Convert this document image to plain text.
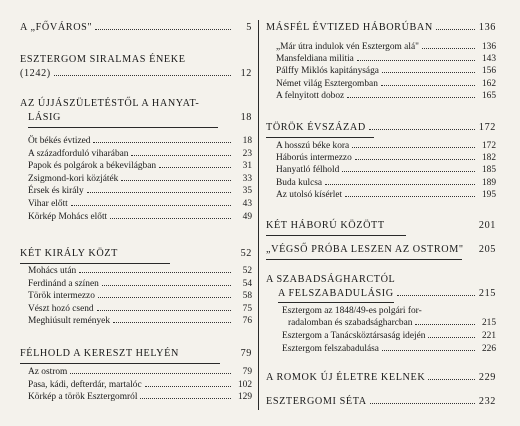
A „FŐVÁROS"	5
ESZTERGOM SIRALMAS ÉNEKE
(1242)	12
AZ ÚJJÁSZÜLETÉSTŐL A HANYAT-
LÁSIG	18
Öt békés évtized	18
A századforduló viharában	23
Papok és polgárok a békevilágban	31
Zsigmond-kori közjáték	33
Érsek és király	35
Vihar előtt	43
Körkép Mohács előtt	49
KÉT KIRÁLY KÖZT	52
Mohács után	52
Ferdinánd a színen	54
Török intermezzo	58
Vészt hozó csend	75
Meghiúsult remények	76
FÉLHOLD A KERESZT HELYÉN	79
Az ostrom	79
Pasa, kádi, defterdár, martalóc	102
Körkép a török Esztergomról	129
MÁSFÉL ÉVTIZED HÁBORÚBAN	136
„Már útra indulok vén Esztergom alá"	136
Mansfeldiana militia	143
Pálffy Miklós kapitánysága	156
Német világ Esztergomban	162
A felnyitott doboz	165
TÖRÖK ÉVSZÁZAD	172
A hosszú béke kora	172
Háborús intermezzo	182
Hanyatló félhold	185
Buda kulcsa	189
Az utolsó kísérlet	195
KÉT HÁBORÚ KÖZÖTT	201
„VÉGSŐ PRÓBA LESZEN AZ OSTROM" 205
A SZABADSÁGHARCTÓL
A FELSZABADULÁSIG	215
Esztergom az 1848/49-es polgári for-
radalomban és szabadságharcban	215
Esztergom a Tanácsköztársaság idején	221
Esztergom felszabadulása	226
A ROMOK ÚJ ÉLETRE KELNEK	229
ESZTERGOMI SÉTA	232
